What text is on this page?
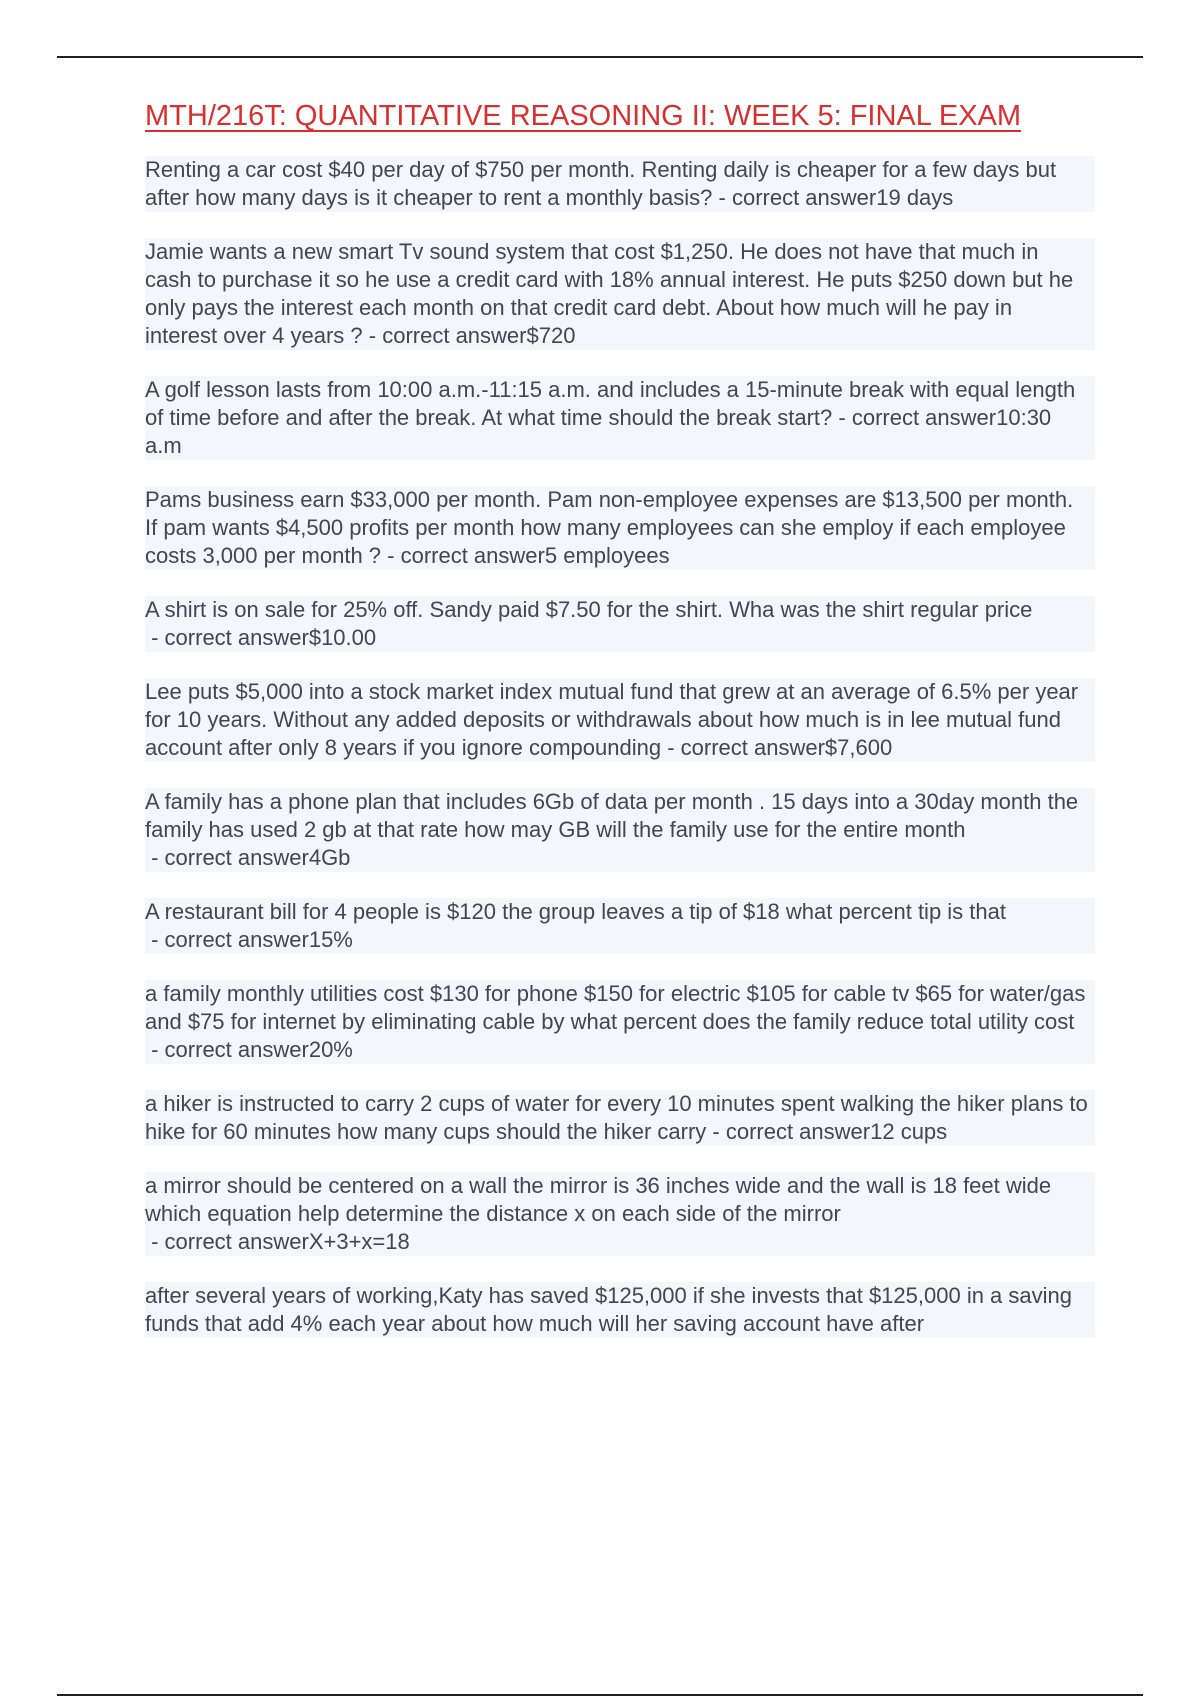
MTH/216T: QUANTITATIVE REASONING II: WEEK 5: FINAL EXAM

Renting a car cost $40 per day of $750 per month. Renting daily is cheaper for a few days but after how many days is it cheaper to rent a monthly basis? - correct answer19 days

Jamie wants a new smart Tv sound system that cost $1,250. He does not have that much in cash to purchase it so he use a credit card with 18% annual interest. He puts $250 down but he only pays the interest each month on that credit card debt. About how much will he pay in interest over 4 years ? - correct answer$720

A golf lesson lasts from 10:00 a.m.-11:15 a.m. and includes a 15-minute break with equal length of time before and after the break. At what time should the break start? - correct answer10:30 a.m

Pams business earn $33,000 per month. Pam non-employee expenses are $13,500 per month. If pam wants $4,500 profits per month how many employees can she employ if each employee costs 3,000 per month ? - correct answer5 employees

A shirt is on sale for 25% off. Sandy paid $7.50 for the shirt. Wha was the shirt regular price - correct answer$10.00

Lee puts $5,000 into a stock market index mutual fund that grew at an average of 6.5% per year for 10 years. Without any added deposits or withdrawals about how much is in lee mutual fund account after only 8 years if you ignore compounding - correct answer$7,600

A family has a phone plan that includes 6Gb of data per month . 15 days into a 30day month the family has used 2 gb at that rate how may GB will the family use for the entire month - correct answer4Gb

A restaurant bill for 4 people is $120 the group leaves a tip of $18 what percent tip is that - correct answer15%

a family monthly utilities cost $130 for phone $150 for electric $105 for cable tv $65 for water/gas and $75 for internet by eliminating cable by what percent does the family reduce total utility cost - correct answer20%

a hiker is instructed to carry 2 cups of water for every 10 minutes spent walking the hiker plans to hike for 60 minutes how many cups should the hiker carry - correct answer12 cups

a mirror should be centered on a wall the mirror is 36 inches wide and the wall is 18 feet wide which equation help determine the distance x on each side of the mirror - correct answerX+3+x=18

after several years of working,Katy has saved $125,000 if she invests that $125,000 in a saving funds that add 4% each year about how much will her saving account have after
